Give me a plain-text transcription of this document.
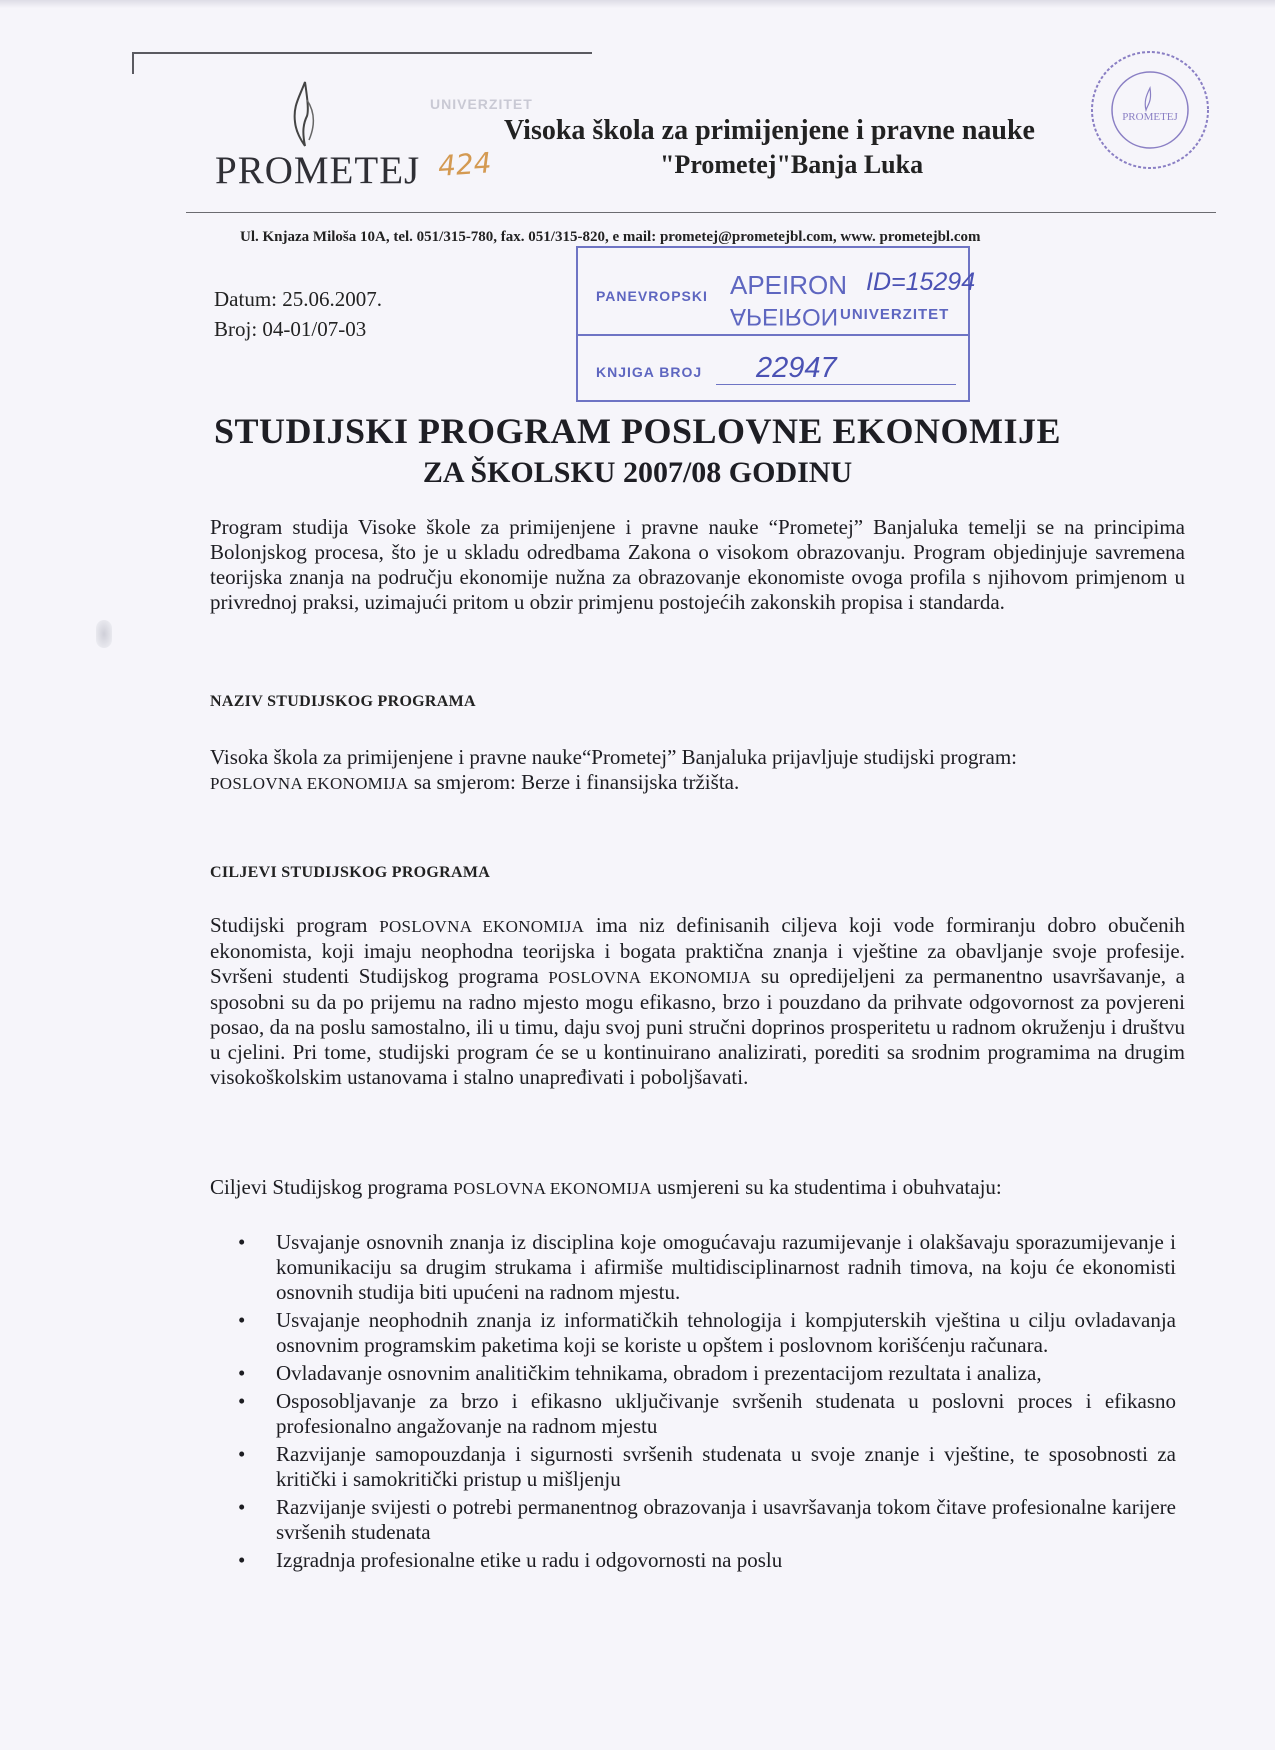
PROMETEJ
UNIVERZITET
424
Visoka škola za primijenjene i pravne nauke
"Prometej"Banja Luka
PROMETEJ
Ul. Knjaza Miloša 10A, tel. 051/315-780, fax. 051/315-820, e mail: prometej@prometejbl.com, www. prometejbl.com
Datum: 25.06.2007.
Broj: 04-01/07-03
PANEVROPSKI APEIRON
APEIRON UNIVERZITET
ID=15294
KNJIGA BROJ 22947
STUDIJSKI PROGRAM POSLOVNE EKONOMIJE
ZA ŠKOLSKU 2007/08 GODINU
Program studija Visoke škole za primijenjene i pravne nauke “Prometej” Banjaluka temelji se na principima Bolonjskog procesa, što je u skladu odredbama Zakona o visokom obrazovanju. Program objedinjuje savremena teorijska znanja na području ekonomije nužna za obrazovanje ekonomiste ovoga profila s njihovom primjenom u privrednoj praksi, uzimajući pritom u obzir primjenu postojećih zakonskih propisa i standarda.
NAZIV STUDIJSKOG PROGRAMA
Visoka škola za primijenjene i pravne nauke“Prometej” Banjaluka prijavljuje studijski program:
POSLOVNA EKONOMIJA sa smjerom: Berze i finansijska tržišta.
CILJEVI STUDIJSKOG PROGRAMA
Studijski program POSLOVNA EKONOMIJA ima niz definisanih ciljeva koji vode formiranju dobro obučenih ekonomista, koji imaju neophodna teorijska i bogata praktična znanja i vještine za obavljanje svoje profesije. Svršeni studenti Studijskog programa POSLOVNA EKONOMIJA su opredijeljeni za permanentno usavršavanje, a sposobni su da po prijemu na radno mjesto mogu efikasno, brzo i pouzdano da prihvate odgovornost za povjereni posao, da na poslu samostalno, ili u timu, daju svoj puni stručni doprinos prosperitetu u radnom okruženju i društvu u cjelini. Pri tome, studijski program će se u kontinuirano analizirati, porediti sa srodnim programima na drugim visokoškolskim ustanovama i stalno unapređivati i poboljšavati.
Ciljevi Studijskog programa POSLOVNA EKONOMIJA usmjereni su ka studentima i obuhvataju:
• Usvajanje osnovnih znanja iz disciplina koje omogućavaju razumijevanje i olakšavaju sporazumijevanje i komunikaciju sa drugim strukama i afirmiše multidisciplinarnost radnih timova, na koju će ekonomisti osnovnih studija biti upućeni na radnom mjestu.
• Usvajanje neophodnih znanja iz informatičkih tehnologija i kompjuterskih vještina u cilju ovladavanja osnovnim programskim paketima koji se koriste u opštem i poslovnom korišćenju računara.
• Ovladavanje osnovnim analitičkim tehnikama, obradom i prezentacijom rezultata i analiza,
• Osposobljavanje za brzo i efikasno uključivanje svršenih studenata u poslovni proces i efikasno profesionalno angažovanje na radnom mjestu
• Razvijanje samopouzdanja i sigurnosti svršenih studenata u svoje znanje i vještine, te sposobnosti za kritički i samokritički pristup u mišljenju
• Razvijanje svijesti o potrebi permanentnog obrazovanja i usavršavanja tokom čitave profesionalne karijere svršenih studenata
• Izgradnja profesionalne etike u radu i odgovornosti na poslu
